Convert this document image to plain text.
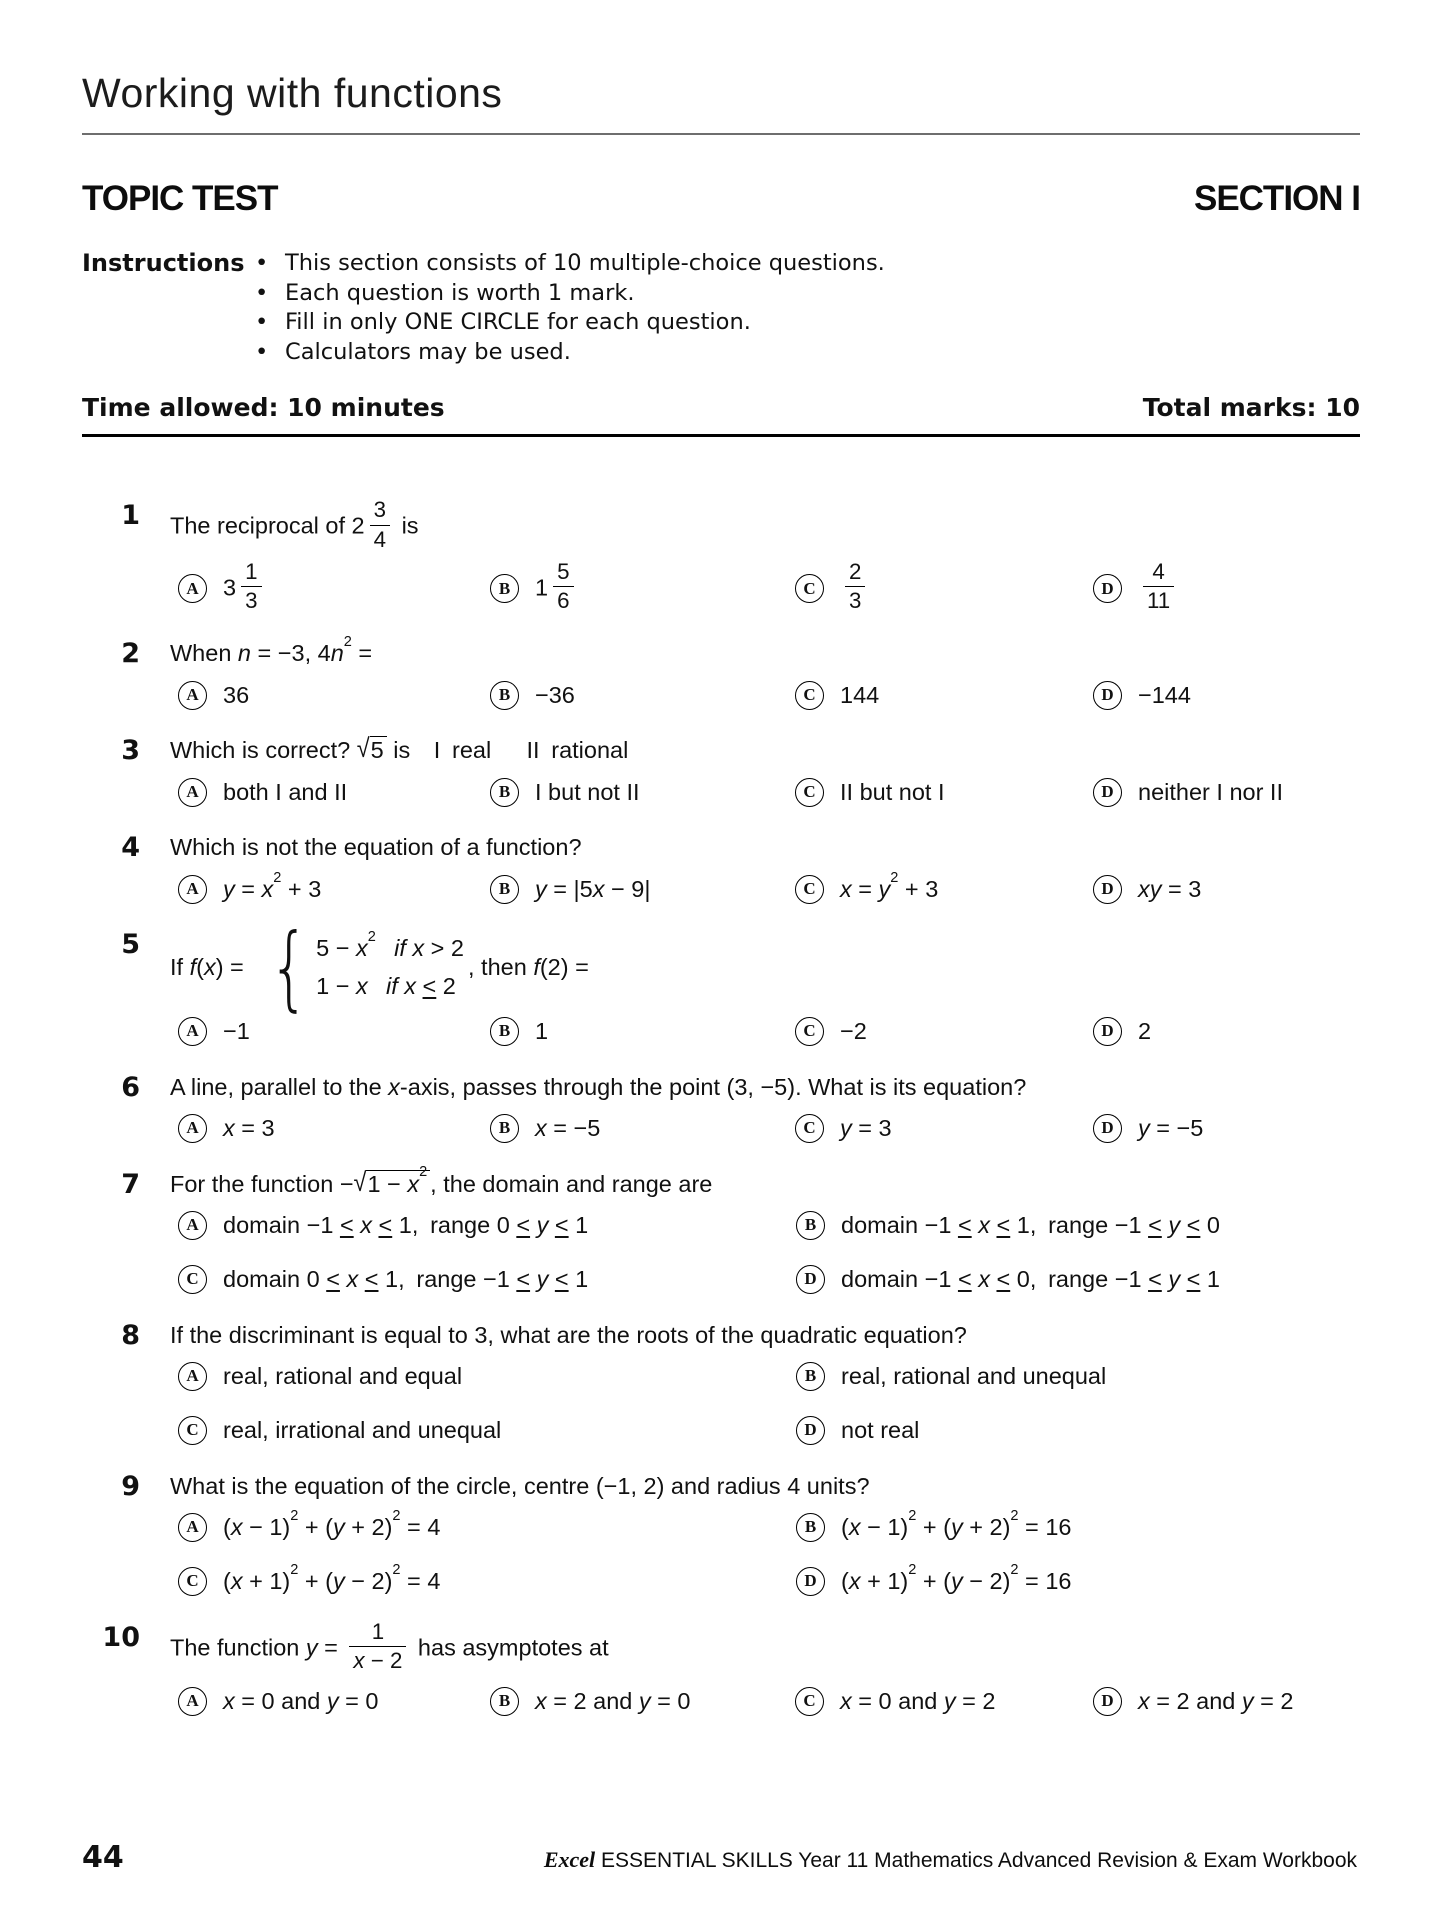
Working with functions
TOPIC TEST	SECTION I
Instructions • This section consists of 10 multiple-choice questions.
• Each question is worth 1 mark.
• Fill in only ONE CIRCLE for each question.
• Calculators may be used.
Time allowed: 10 minutes	Total marks: 10
1 The reciprocal of $2 \frac{3}{4}$ is
A	$3 \frac{1}{3}$	B	$1 \frac{5}{6}$	C	$\frac{2}{3}$	D	$\frac{4}{11}$
2 When n = −3, $4n^2$ =
A	36	B	−36	C	144	D	−144
3 Which is correct? √5 is I real  II rational
A	both I and II	B	I but not II	C	II but not I	D	neither I nor II
4 Which is not the equation of a function?
A	$y = x^2 + 3$	B	y = |5x − 9|	C	$x = y^2 + 3$	D	xy = 3
5
If f(x) =  { $5 - x^2$  if x > 2
1 − x  if x < 2
, then f(2) =
A	−1	B	1	C	−2	D	2
6 A line, parallel to the x-axis, passes through the point (3, −5). What is its equation?
A	x = 3	B	x = −5	C	y = 3	D	y = −5
7 For the function $-√1 - x^2$ , the domain and range are
A	domain −1 < x < 1, range 0 < y < 1	B	domain −1 < x < 1, range −1 < y < 0
C	domain 0 < x < 1, range −1 < y < 1	D	domain −1 < x < 0, range −1 < y < 1
8 If the discriminant is equal to 3, what are the roots of the quadratic equation?
A	real, rational and equal	B	real, rational and unequal
C	real, irrational and unequal	D	not real
9 What is the equation of the circle, centre (−1, 2) and radius 4 units?
A	$(x - 1)^2 + (y + 2)^2 = 4$	B	$(x - 1)^2 + (y + 2)^2 = 16$
C	$(x + 1)^2 + (y - 2)^2 = 4$	D	$(x + 1)^2 + (y - 2)^2 = 16$
10 The function $y = \frac{1}{x - 2}$ has asymptotes at
A	x = 0 and y = 0	B	x = 2 and y = 0	C	x = 0 and y = 2	D	x = 2 and y = 2
44	Excel ESSENTIAL SKILLS Year 11 Mathematics Advanced Revision & Exam Workbook
